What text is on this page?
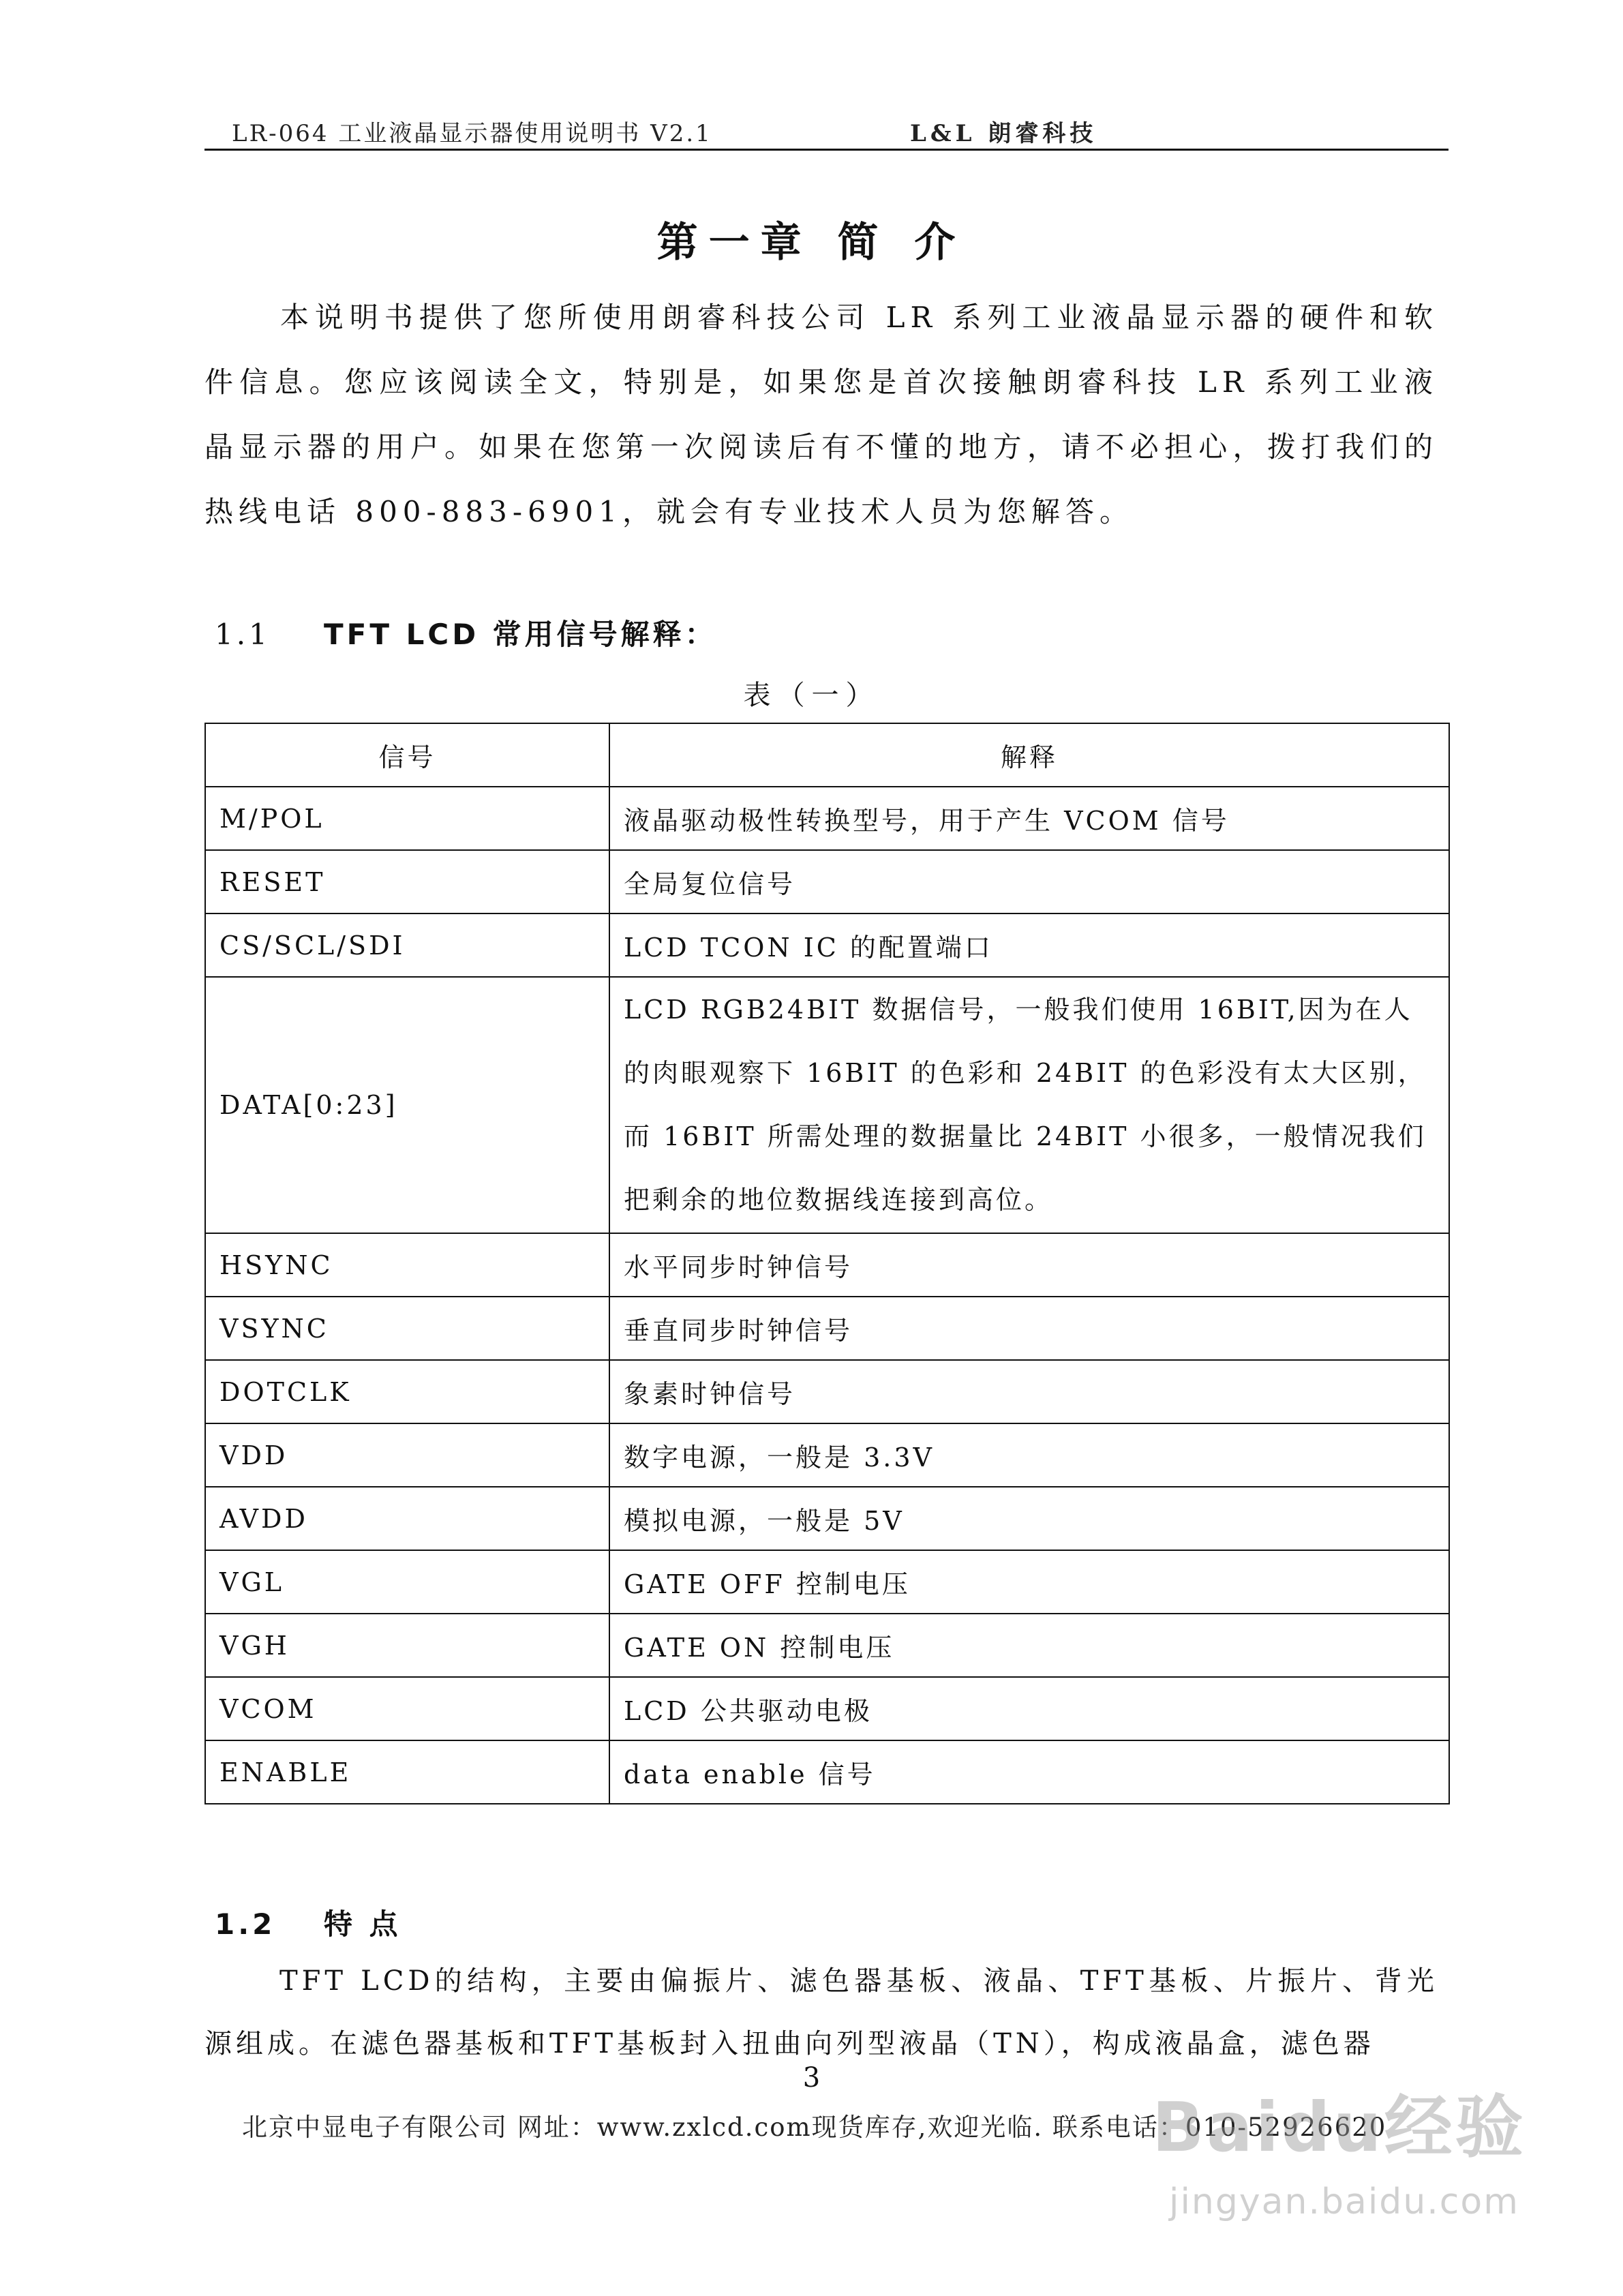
LR-064 工业液晶显示器使用说明书 V2.1	L&L 朗睿科技
第一章 简 介
本说明书提供了您所使用朗睿科技公司 LR 系列工业液晶显示器的硬件和软件信息。您应该阅读全文，特别是，如果您是首次接触朗睿科技 LR 系列工业液晶显示器的用户。如果在您第一次阅读后有不懂的地方，请不必担心，拨打我们的热线电话 800-883-6901，就会有专业技术人员为您解答。
1.1 TFT LCD 常用信号解释：
表（一）
信号	解释
M/POL	液晶驱动极性转换型号，用于产生 VCOM 信号
RESET	全局复位信号
CS/SCL/SDI	LCD TCON IC 的配置端口
DATA[0:23]	LCD RGB24BIT 数据信号，一般我们使用 16BIT,因为在人的肉眼观察下 16BIT 的色彩和 24BIT 的色彩没有太大区别，而 16BIT 所需处理的数据量比 24BIT 小很多，一般情况我们把剩余的地位数据线连接到高位。
HSYNC	水平同步时钟信号
VSYNC	垂直同步时钟信号
DOTCLK	象素时钟信号
VDD	数字电源，一般是 3.3V
AVDD	模拟电源，一般是 5V
VGL	GATE OFF 控制电压
VGH	GATE ON 控制电压
VCOM	LCD 公共驱动电极
ENABLE	data enable 信号
1.2 特 点
TFT LCD的结构，主要由偏振片、滤色器基板、液晶、TFT基板、片振片、背光源组成。在滤色器基板和TFT基板封入扭曲向列型液晶（TN），构成液晶盒，滤色器
3
北京中显电子有限公司 网址：www.zxlcd.com现货库存,欢迎光临. 联系电话：010-52926620
Baidu经验
jingyan.baidu.com
